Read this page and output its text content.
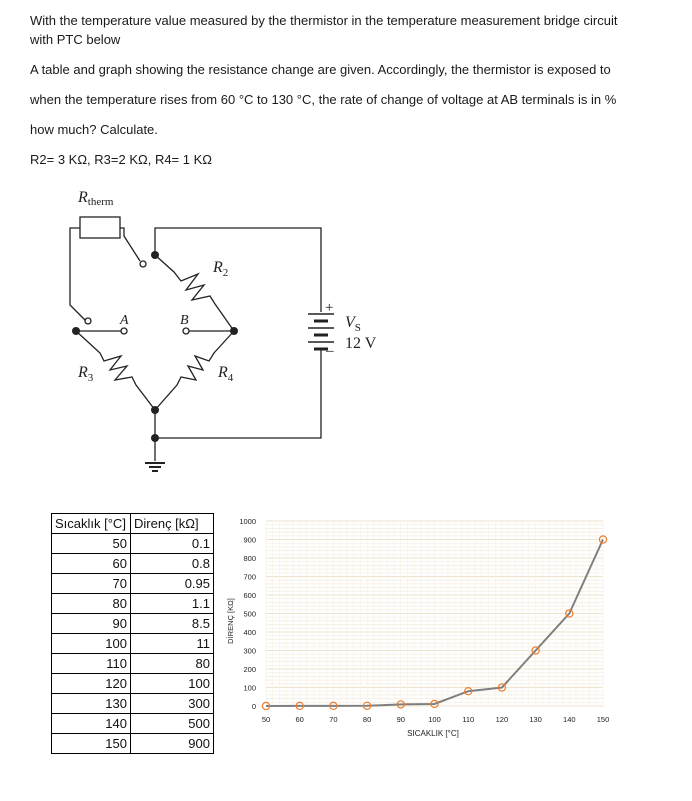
With the temperature value measured by the thermistor in the temperature measurement bridge circuit

with PTC below

A table and graph showing the resistance change are given. Accordingly, the thermistor is exposed to

when the temperature rises from 60 °C to 130 °C, the rate of change of voltage at AB terminals is in %

how much? Calculate.

R2= 3 KΩ, R3=2 KΩ, R4= 1 KΩ

Rtherm
$R_2$
$R_3$	$R_4$
A	B
+
–
$V_S$
12 V
Sıcaklık [°C]	Direnç [kΩ]
50	0.1
60	0.8
70	0.95
80	1.1
90	8.5
100	11
110	80
120	100
130	300
140	500
150	900
0
100
200
300
400
500
600
700
800
900
1000
50	60	70	80	90	100	110	120	130	140	150
DİRENÇ [KΩ]
SICAKLIK [°C]
